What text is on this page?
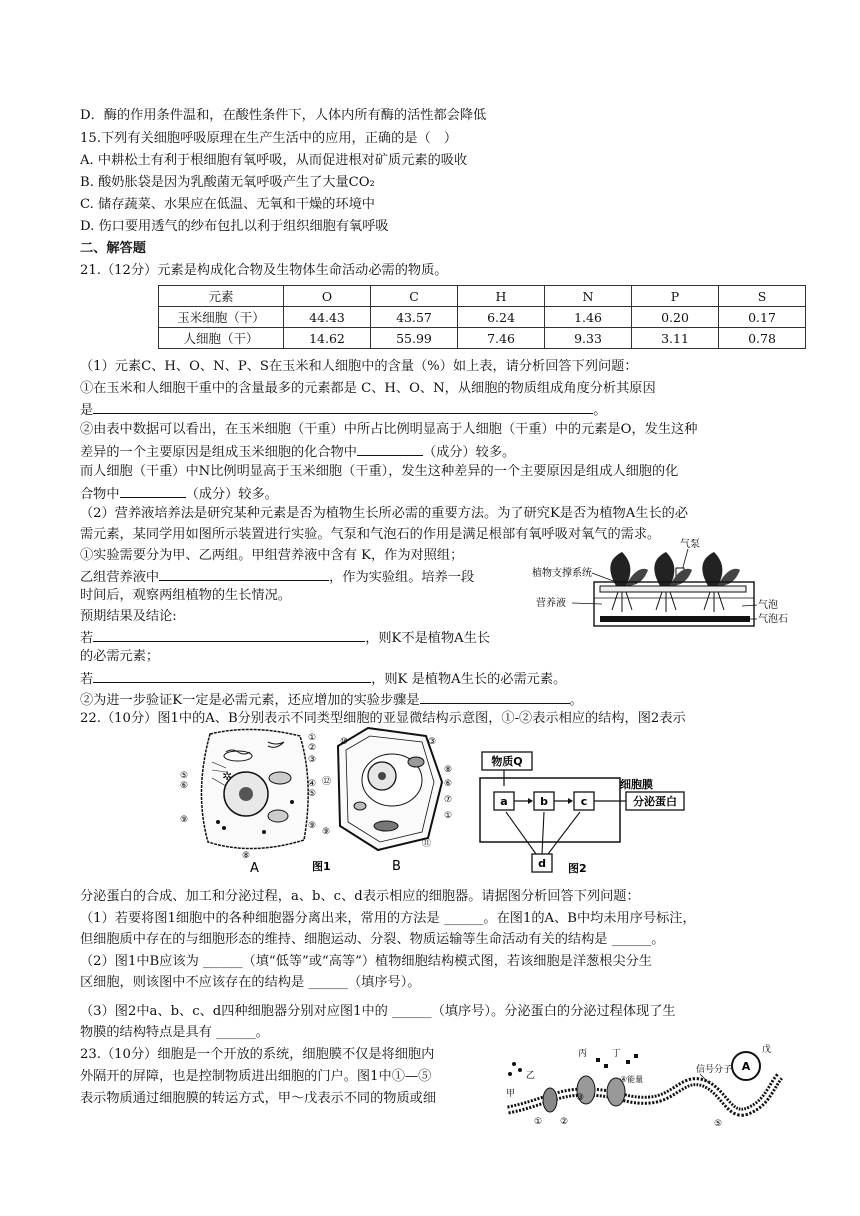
D．酶的作用条件温和，在酸性条件下，人体内所有酶的活性都会降低
15.下列有关细胞呼吸原理在生产生活中的应用，正确的是（　）
A. 中耕松土有利于根细胞有氧呼吸，从而促进根对矿质元素的吸收
B. 酸奶胀袋是因为乳酸菌无氧呼吸产生了大量CO₂
C. 储存蔬菜、水果应在低温、无氧和干燥的环境中
D. 伤口要用透气的纱布包扎以利于组织细胞有氧呼吸
二、解答题
21.（12分）元素是构成化合物及生物体生命活动必需的物质。
元素	O	C	H	N	P	S
玉米细胞（干）	44.43	43.57	6.24	1.46	0.20	0.17
人细胞（干）	14.62	55.99	7.46	9.33	3.11	0.78
（1）元素C、H、O、N、P、S在玉米和人细胞中的含量（%）如上表，请分析回答下列问题：
①在玉米和人细胞干重中的含量最多的元素都是 C、H、O、N，从细胞的物质组成角度分析其原因
是	。
②由表中数据可以看出，在玉米细胞（干重）中所占比例明显高于人细胞（干重）中的元素是O，发生这种
差异的一个主要原因是组成玉米细胞的化合物中	（成分）较多。
而人细胞（干重）中N比例明显高于玉米细胞（干重），发生这种差异的一个主要原因是组成人细胞的化
合物中	（成分）较多。
（2）营养液培养法是研究某种元素是否为植物生长所必需的重要方法。为了研究K是否为植物A生长的必
需元素，某同学用如图所示装置进行实验。气泵和气泡石的作用是满足根部有氧呼吸对氧气的需求。
①实验需要分为甲、乙两组。甲组营养液中含有 K，作为对照组；
乙组营养液中	，作为实验组。培养一段
时间后，观察两组植物的生长情况。
预期结果及结论:
若	，则K不是植物A生长
的必需元素；
若	，则K 是植物A生长的必需元素。
②为进一步验证K一定是必需元素，还应增加的实验步骤是	。
植物支撑系统
气泵
营养液	气泡
气泡石
22.（10分）图1中的A、B分别表示不同类型细胞的亚显微结构示意图，①-②表示相应的结构，图2表示
✲
①
②
③
④
⑤
⑨
⑤
⑥
⑨
⑧
A
⑩
⑫
⑨
③
⑧
⑥
⑦
①
⑪
B
图1
物质Q
细胞膜
a	b	c	分泌蛋白
d 图2
分泌蛋白的合成、加工和分泌过程，a、b、c、d表示相应的细胞器。请据图分析回答下列问题：
（1）若要将图1细胞中的各种细胞器分离出来，常用的方法是 ______。在图1的A、B中均未用序号标注，
但细胞质中存在的与细胞形态的维持、细胞运动、分裂、物质运输等生命活动有关的结构是 ______。
（2）图1中B应该为 ______（填“低等”或“高等”）植物细胞结构模式图，若该细胞是洋葱根尖分生
区细胞，则该图中不应该存在的结构是 ______（填序号）。
（3）图2中a、b、c、d四种细胞器分别对应图1中的 ______（填序号）。分泌蛋白的分泌过程体现了生
物膜的结构特点是具有 ______。
23.（10分）细胞是一个开放的系统，细胞膜不仅是将细胞内
外隔开的屏障，也是控制物质进出细胞的门户。图1中①—⑤
表示物质通过细胞膜的转运方式，甲～戊表示不同的物质或细
A
戊
信号分子
丙	丁
④能量
甲
乙
① ②
③
⑤
